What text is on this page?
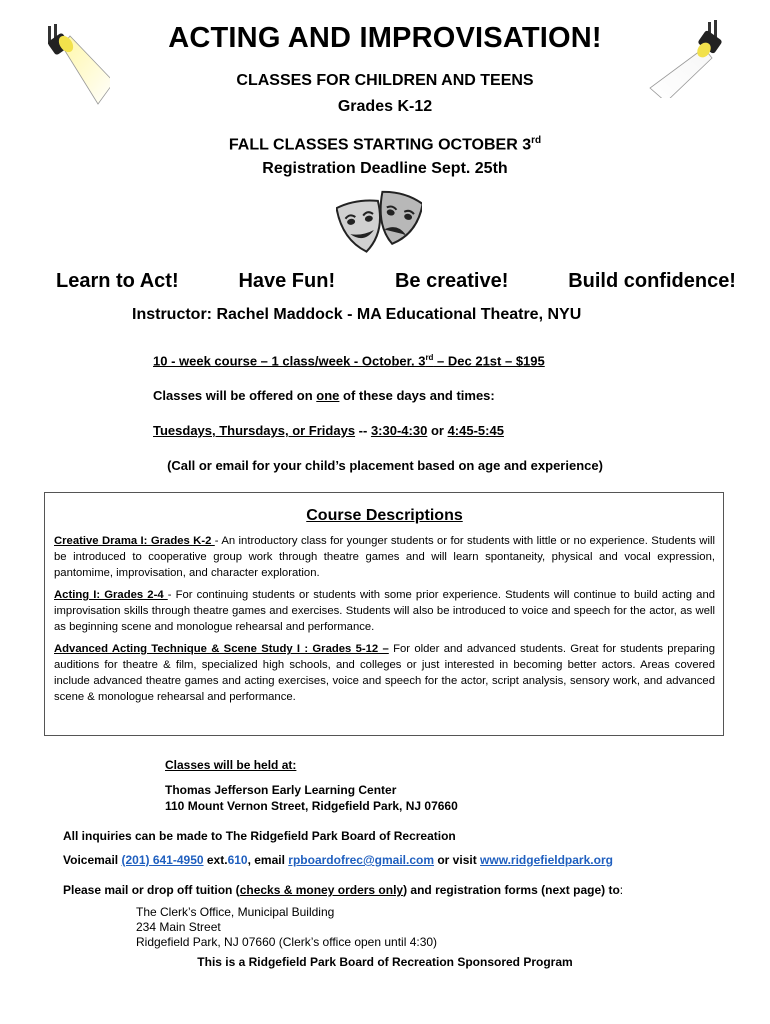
ACTING AND IMPROVISATION!
CLASSES FOR CHILDREN AND TEENS
Grades K-12
FALL CLASSES STARTING OCTOBER 3rd
Registration Deadline Sept. 25th
Learn to Act!	Have Fun!	Be creative!	Build confidence!
Instructor: Rachel Maddock - MA Educational Theatre, NYU
10 - week course – 1 class/week - October. 3rd – Dec 21st – $195
Classes will be offered on one of these days and times:
Tuesdays, Thursdays, or Fridays -- 3:30-4:30 or 4:45-5:45
(Call or email for your child’s placement based on age and experience)
Course Descriptions
Creative Drama I: Grades K-2 - An introductory class for younger students or for students with little or no experience. Students will be introduced to cooperative group work through theatre games and will learn spontaneity, physical and vocal expression, pantomime, improvisation, and character exploration.
Acting I: Grades 2-4 - For continuing students or students with some prior experience. Students will continue to build acting and improvisation skills through theatre games and exercises. Students will also be introduced to voice and speech for the actor, as well as beginning scene and monologue rehearsal and performance.
Advanced Acting Technique & Scene Study I : Grades 5-12 – For older and advanced students. Great for students preparing auditions for theatre & film, specialized high schools, and colleges or just interested in becoming better actors. Areas covered include advanced theatre games and acting exercises, voice and speech for the actor, script analysis, sensory work, and advanced scene & monologue rehearsal and performance.
Classes will be held at:
Thomas Jefferson Early Learning Center
110 Mount Vernon Street, Ridgefield Park, NJ 07660
All inquiries can be made to The Ridgefield Park Board of Recreation
Voicemail (201) 641-4950 ext.610, email rpboardofrec@gmail.com or visit www.ridgefieldpark.org
Please mail or drop off tuition (checks & money orders only) and registration forms (next page) to:
The Clerk’s Office, Municipal Building
234 Main Street
Ridgefield Park, NJ 07660 (Clerk’s office open until 4:30)
This is a Ridgefield Park Board of Recreation Sponsored Program
